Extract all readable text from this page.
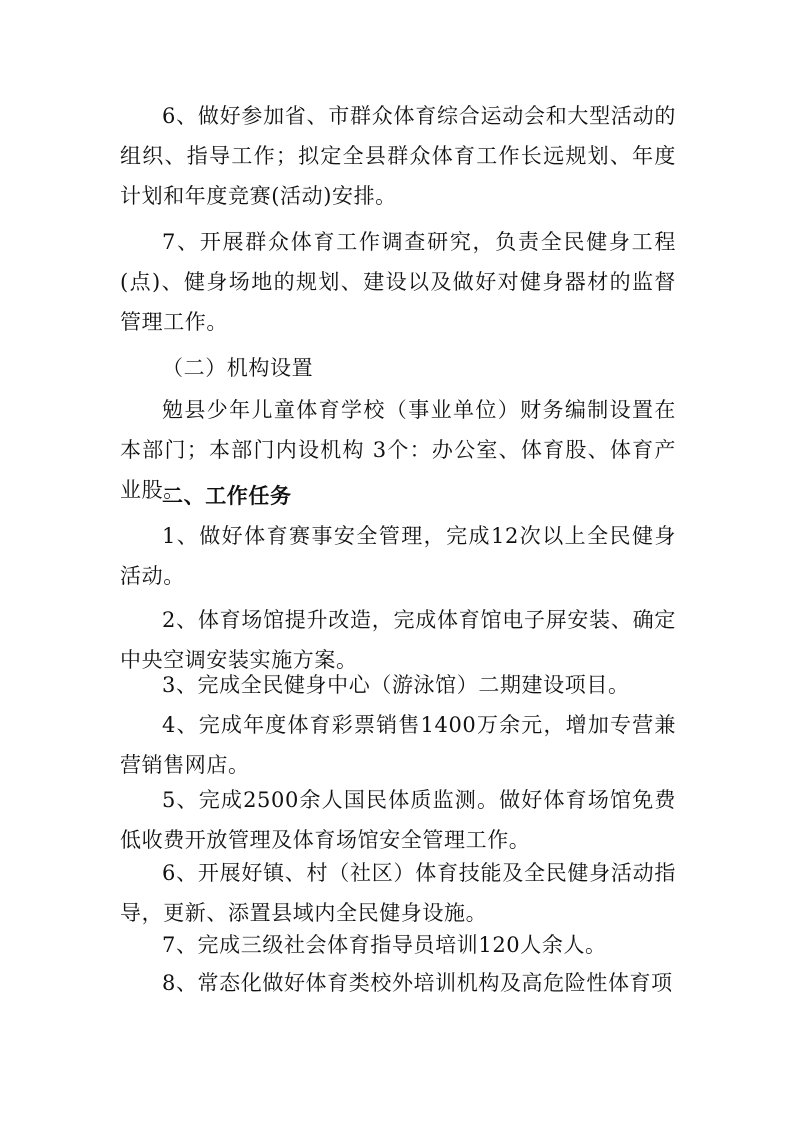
6、做好参加省、市群众体育综合运动会和大型活动的组织、指导工作；拟定全县群众体育工作长远规划、年度计划和年度竞赛(活动)安排。

7、开展群众体育工作调查研究，负责全民健身工程(点)、健身场地的规划、建设以及做好对健身器材的监督管理工作。

（二）机构设置

勉县少年儿童体育学校（事业单位）财务编制设置在本部门；本部门内设机构 3个：办公室、体育股、体育产业股。

二、工作任务

1、做好体育赛事安全管理，完成12次以上全民健身活动。

2、体育场馆提升改造，完成体育馆电子屏安装、确定中央空调安装实施方案。

3、完成全民健身中心（游泳馆）二期建设项目。

4、完成年度体育彩票销售1400万余元，增加专营兼营销售网店。

5、完成2500余人国民体质监测。做好体育场馆免费低收费开放管理及体育场馆安全管理工作。

6、开展好镇、村（社区）体育技能及全民健身活动指导，更新、添置县域内全民健身设施。

7、完成三级社会体育指导员培训120人余人。

8、常态化做好体育类校外培训机构及高危险性体育项
